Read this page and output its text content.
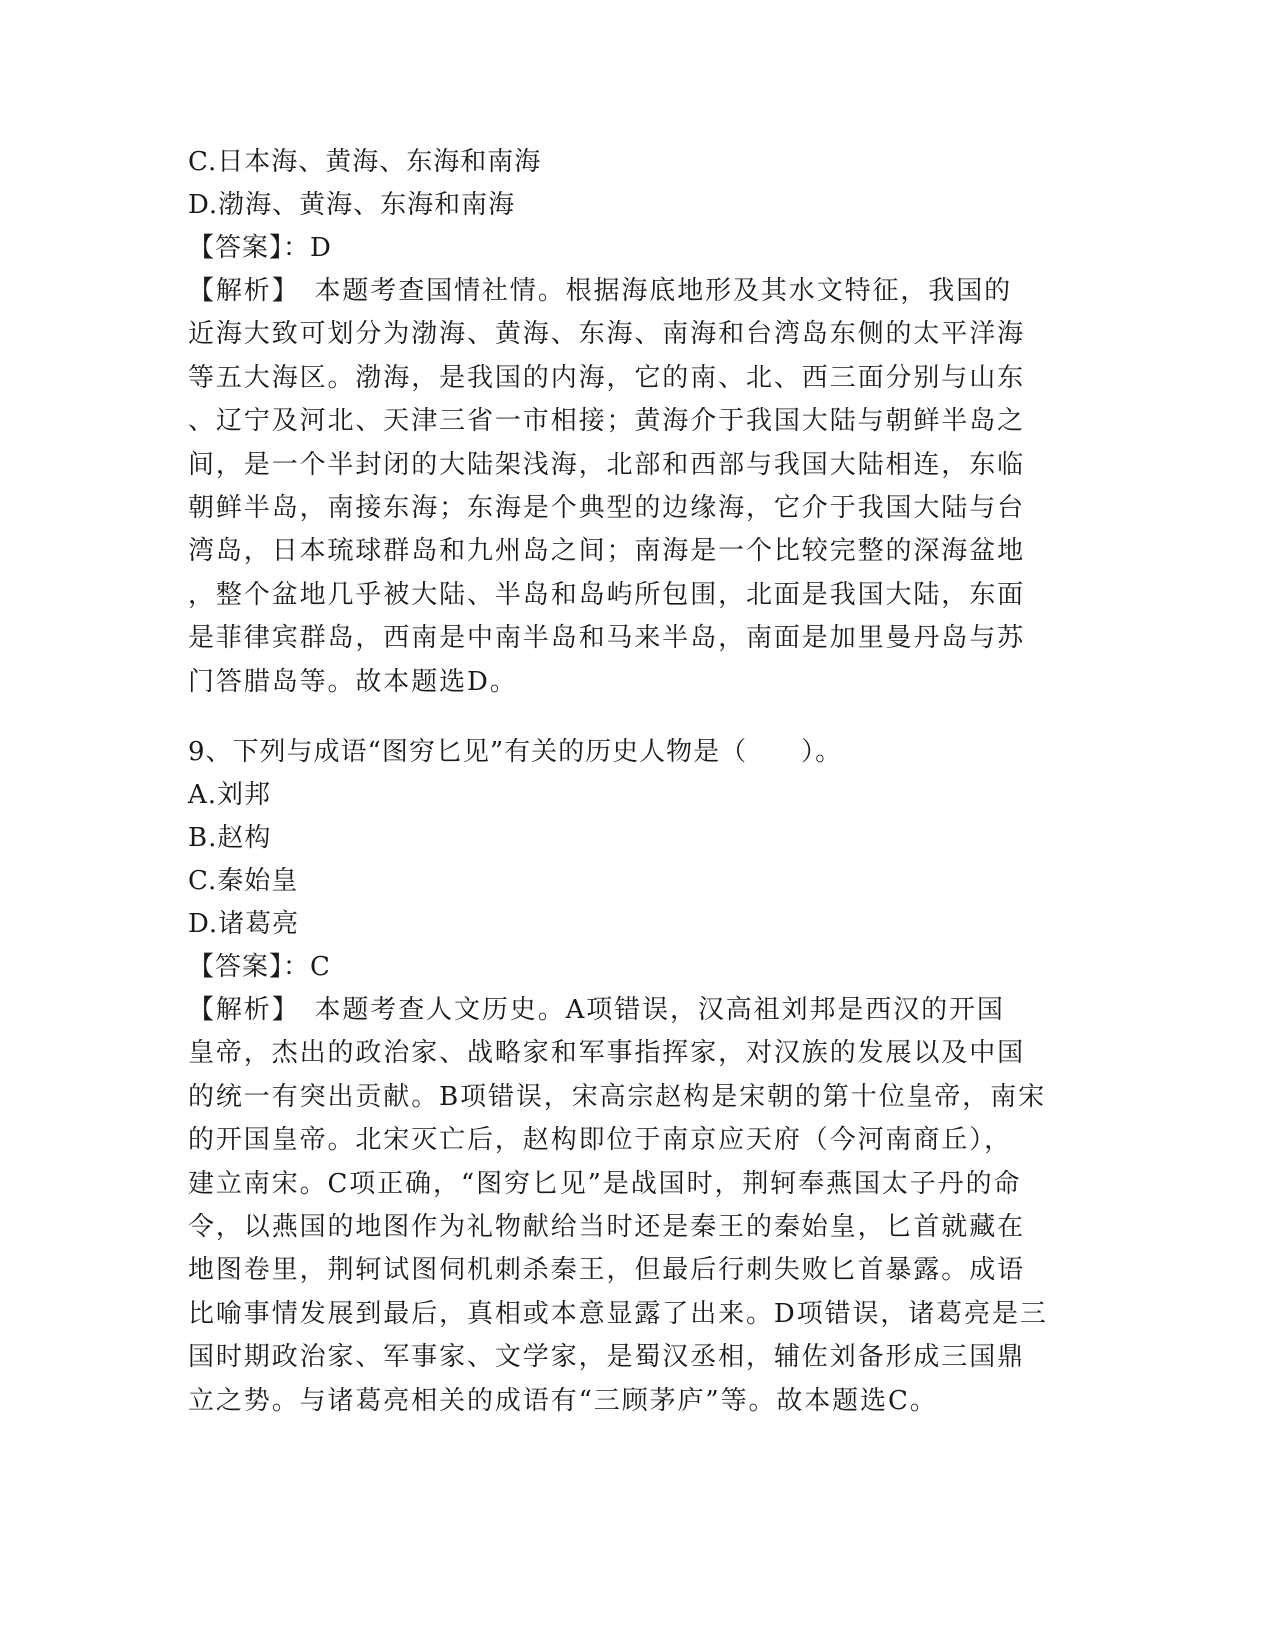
C.日本海、黄海、东海和南海
D.渤海、黄海、东海和南海
【答案】：D
【解析】　本题考查国情社情。根据海底地形及其水文特征，我国的
近海大致可划分为渤海、黄海、东海、南海和台湾岛东侧的太平洋海
等五大海区。渤海，是我国的内海，它的南、北、西三面分别与山东
、辽宁及河北、天津三省一市相接；黄海介于我国大陆与朝鲜半岛之
间，是一个半封闭的大陆架浅海，北部和西部与我国大陆相连，东临
朝鲜半岛，南接东海；东海是个典型的边缘海，它介于我国大陆与台
湾岛，日本琉球群岛和九州岛之间；南海是一个比较完整的深海盆地
，整个盆地几乎被大陆、半岛和岛屿所包围，北面是我国大陆，东面
是菲律宾群岛，西南是中南半岛和马来半岛，南面是加里曼丹岛与苏
门答腊岛等。故本题选D。
9、下列与成语“图穷匕见”有关的历史人物是（　　）。
A.刘邦
B.赵构
C.秦始皇
D.诸葛亮
【答案】：C
【解析】　本题考查人文历史。A项错误，汉高祖刘邦是西汉的开国
皇帝，杰出的政治家、战略家和军事指挥家，对汉族的发展以及中国
的统一有突出贡献。B项错误，宋高宗赵构是宋朝的第十位皇帝，南宋
的开国皇帝。北宋灭亡后，赵构即位于南京应天府（今河南商丘），
建立南宋。C项正确，“图穷匕见”是战国时，荆轲奉燕国太子丹的命
令，以燕国的地图作为礼物献给当时还是秦王的秦始皇，匕首就藏在
地图卷里，荆轲试图伺机刺杀秦王，但最后行刺失败匕首暴露。成语
比喻事情发展到最后，真相或本意显露了出来。D项错误，诸葛亮是三
国时期政治家、军事家、文学家，是蜀汉丞相，辅佐刘备形成三国鼎
立之势。与诸葛亮相关的成语有“三顾茅庐”等。故本题选C。
